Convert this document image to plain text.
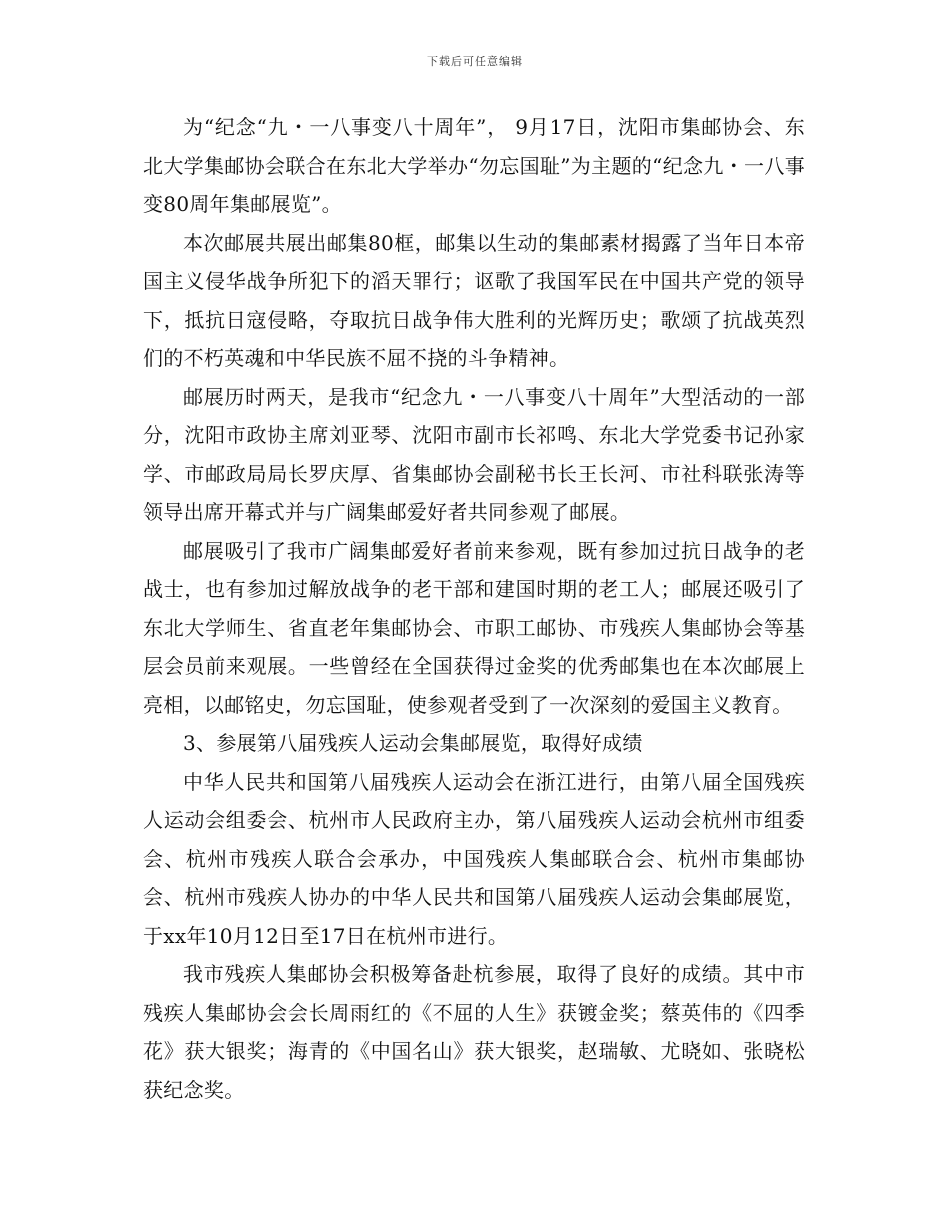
下载后可任意编辑

为“纪念“九・一八事变八十周年”， 9月17日，沈阳市集邮协会、东北大学集邮协会联合在东北大学举办“勿忘国耻”为主题的“纪念九・一八事变80周年集邮展览”。

本次邮展共展出邮集80框，邮集以生动的集邮素材揭露了当年日本帝国主义侵华战争所犯下的滔天罪行；讴歌了我国军民在中国共产党的领导下，抵抗日寇侵略，夺取抗日战争伟大胜利的光辉历史；歌颂了抗战英烈们的不朽英魂和中华民族不屈不挠的斗争精神。

邮展历时两天，是我市“纪念九・一八事变八十周年”大型活动的一部分，沈阳市政协主席刘亚琴、沈阳市副市长祁鸣、东北大学党委书记孙家学、市邮政局局长罗庆厚、省集邮协会副秘书长王长河、市社科联张涛等领导出席开幕式并与广阔集邮爱好者共同参观了邮展。

邮展吸引了我市广阔集邮爱好者前来参观，既有参加过抗日战争的老战士，也有参加过解放战争的老干部和建国时期的老工人；邮展还吸引了东北大学师生、省直老年集邮协会、市职工邮协、市残疾人集邮协会等基层会员前来观展。一些曾经在全国获得过金奖的优秀邮集也在本次邮展上亮相，以邮铭史，勿忘国耻，使参观者受到了一次深刻的爱国主义教育。

3、参展第八届残疾人运动会集邮展览，取得好成绩

中华人民共和国第八届残疾人运动会在浙江进行，由第八届全国残疾人运动会组委会、杭州市人民政府主办，第八届残疾人运动会杭州市组委会、杭州市残疾人联合会承办，中国残疾人集邮联合会、杭州市集邮协会、杭州市残疾人协办的中华人民共和国第八届残疾人运动会集邮展览，于xx年10月12日至17日在杭州市进行。

我市残疾人集邮协会积极筹备赴杭参展，取得了良好的成绩。其中市残疾人集邮协会会长周雨红的《不屈的人生》获镀金奖；蔡英伟的《四季花》获大银奖；海青的《中国名山》获大银奖，赵瑞敏、尤晓如、张晓松获纪念奖。
